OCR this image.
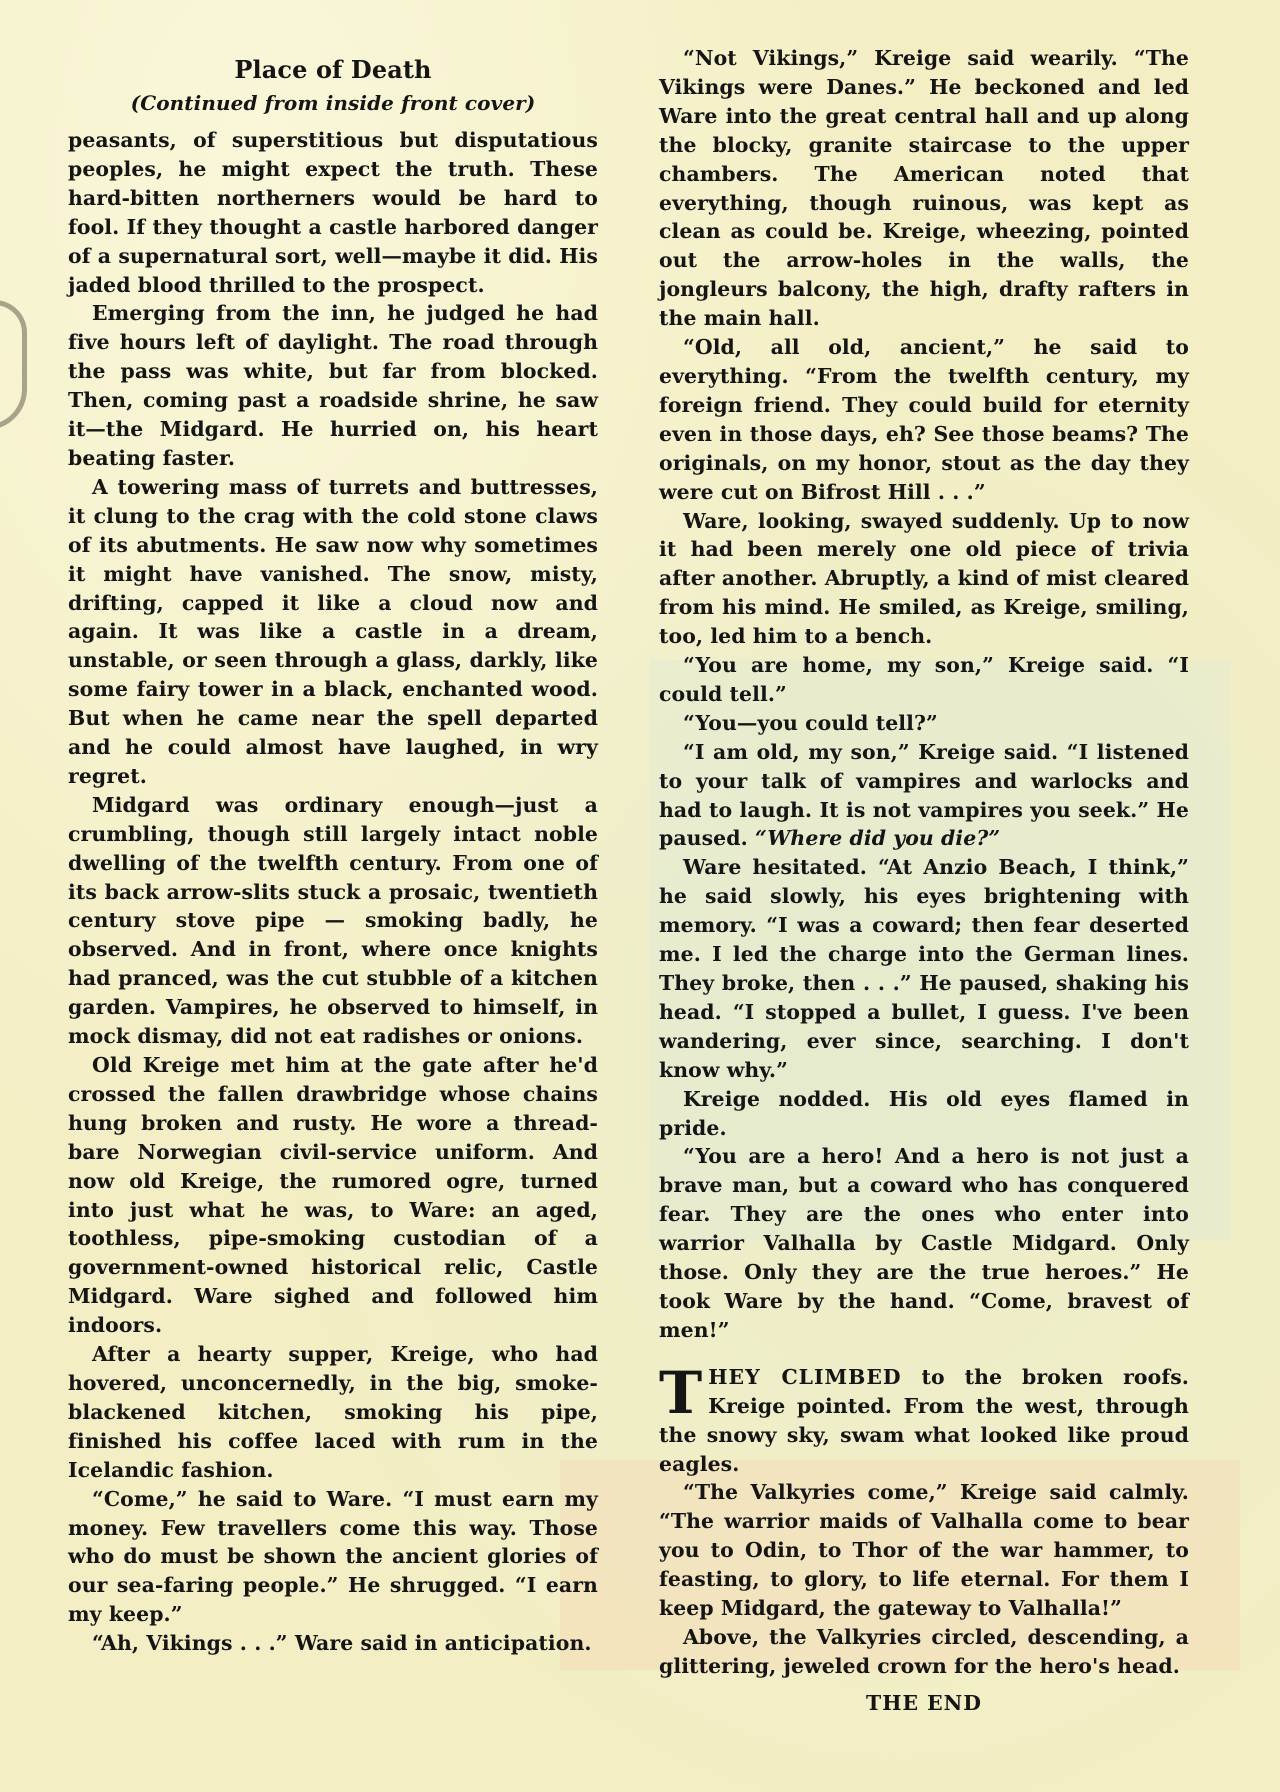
Place of Death
(Continued from inside front cover)

peasants, of superstitious but disputatious peoples, he might expect the truth. These hard-bitten northerners would be hard to fool. If they thought a castle harbored danger of a supernatural sort, well—maybe it did. His jaded blood thrilled to the prospect.

Emerging from the inn, he judged he had five hours left of daylight. The road through the pass was white, but far from blocked. Then, coming past a roadside shrine, he saw it—the Midgard. He hurried on, his heart beating faster.

A towering mass of turrets and buttresses, it clung to the crag with the cold stone claws of its abutments. He saw now why sometimes it might have vanished. The snow, misty, drifting, capped it like a cloud now and again. It was like a castle in a dream, unstable, or seen through a glass, darkly, like some fairy tower in a black, enchanted wood. But when he came near the spell departed and he could almost have laughed, in wry regret.

Midgard was ordinary enough—just a crumbling, though still largely intact noble dwelling of the twelfth century. From one of its back arrow-slits stuck a prosaic, twentieth century stove pipe — smoking badly, he observed. And in front, where once knights had pranced, was the cut stubble of a kitchen garden. Vampires, he observed to himself, in mock dismay, did not eat radishes or onions.

Old Kreige met him at the gate after he'd crossed the fallen drawbridge whose chains hung broken and rusty. He wore a thread-bare Norwegian civil-service uniform. And now old Kreige, the rumored ogre, turned into just what he was, to Ware: an aged, toothless, pipe-smoking custodian of a government-owned historical relic, Castle Midgard. Ware sighed and followed him indoors.

After a hearty supper, Kreige, who had hovered, unconcernedly, in the big, smoke-blackened kitchen, smoking his pipe, finished his coffee laced with rum in the Icelandic fashion.

“Come,” he said to Ware. “I must earn my money. Few travellers come this way. Those who do must be shown the ancient glories of our sea-faring people.” He shrugged. “I earn my keep.”

“Ah, Vikings . . .” Ware said in anticipation.

“Not Vikings,” Kreige said wearily. “The Vikings were Danes.” He beckoned and led Ware into the great central hall and up along the blocky, granite staircase to the upper chambers. The American noted that everything, though ruinous, was kept as clean as could be. Kreige, wheezing, pointed out the arrow-holes in the walls, the jongleurs balcony, the high, drafty rafters in the main hall.

“Old, all old, ancient,” he said to everything. “From the twelfth century, my foreign friend. They could build for eternity even in those days, eh? See those beams? The originals, on my honor, stout as the day they were cut on Bifrost Hill . . .”

Ware, looking, swayed suddenly. Up to now it had been merely one old piece of trivia after another. Abruptly, a kind of mist cleared from his mind. He smiled, as Kreige, smiling, too, led him to a bench.

“You are home, my son,” Kreige said. “I could tell.”

“You—you could tell?”

“I am old, my son,” Kreige said. “I listened to your talk of vampires and warlocks and had to laugh. It is not vampires you seek.” He paused. “Where did you die?”

Ware hesitated. “At Anzio Beach, I think,” he said slowly, his eyes brightening with memory. “I was a coward; then fear deserted me. I led the charge into the German lines. They broke, then . . .” He paused, shaking his head. “I stopped a bullet, I guess. I've been wandering, ever since, searching. I don't know why.”

Kreige nodded. His old eyes flamed in pride.

“You are a hero! And a hero is not just a brave man, but a coward who has conquered fear. They are the ones who enter into warrior Valhalla by Castle Midgard. Only those. Only they are the true heroes.” He took Ware by the hand. “Come, bravest of men!”

THEY CLIMBED to the broken roofs. Kreige pointed. From the west, through the snowy sky, swam what looked like proud eagles.

“The Valkyries come,” Kreige said calmly. “The warrior maids of Valhalla come to bear you to Odin, to Thor of the war hammer, to feasting, to glory, to life eternal. For them I keep Midgard, the gateway to Valhalla!”

Above, the Valkyries circled, descending, a glittering, jeweled crown for the hero's head.

THE END
